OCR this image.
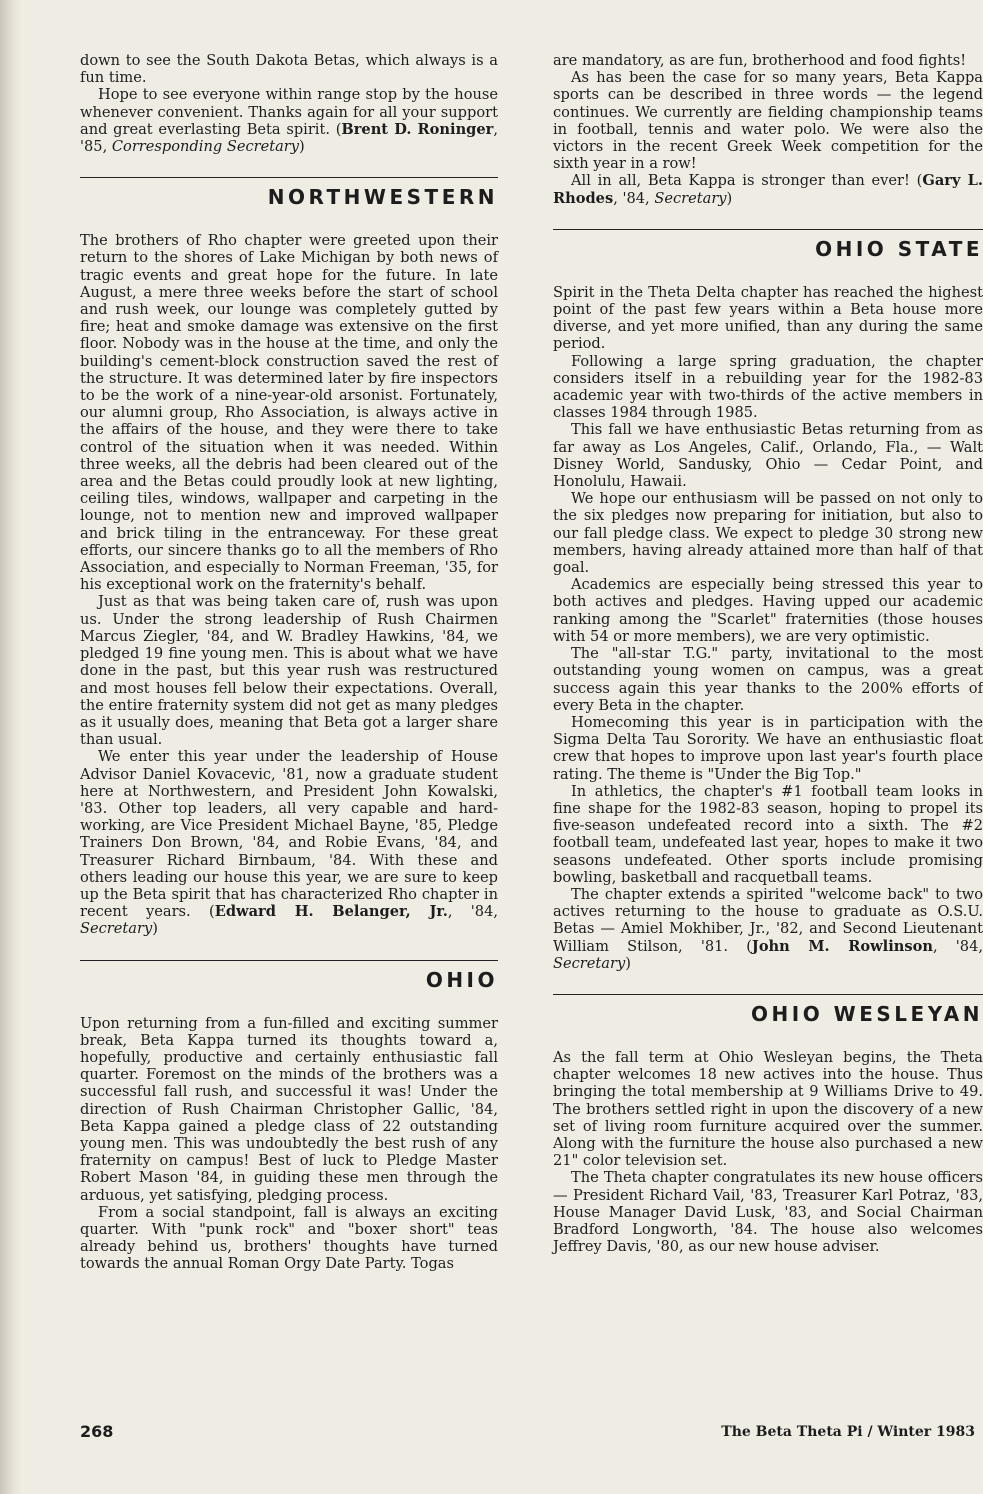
down to see the South Dakota Betas, which always is a fun time.

Hope to see everyone within range stop by the house whenever convenient. Thanks again for all your support and great everlasting Beta spirit. (Brent D. Roninger, '85, Corresponding Secretary)

NORTHWESTERN

The brothers of Rho chapter were greeted upon their return to the shores of Lake Michigan by both news of tragic events and great hope for the future. In late August, a mere three weeks before the start of school and rush week, our lounge was completely gutted by fire; heat and smoke damage was extensive on the first floor. Nobody was in the house at the time, and only the building's cement-block construction saved the rest of the structure. It was determined later by fire inspectors to be the work of a nine-year-old arsonist. Fortunately, our alumni group, Rho Association, is always active in the affairs of the house, and they were there to take control of the situation when it was needed. Within three weeks, all the debris had been cleared out of the area and the Betas could proudly look at new lighting, ceiling tiles, windows, wallpaper and carpeting in the lounge, not to mention new and improved wallpaper and brick tiling in the entranceway. For these great efforts, our sincere thanks go to all the members of Rho Association, and especially to Norman Freeman, '35, for his exceptional work on the fraternity's behalf.

Just as that was being taken care of, rush was upon us. Under the strong leadership of Rush Chairmen Marcus Ziegler, '84, and W. Bradley Hawkins, '84, we pledged 19 fine young men. This is about what we have done in the past, but this year rush was restructured and most houses fell below their expectations. Overall, the entire fraternity system did not get as many pledges as it usually does, meaning that Beta got a larger share than usual.

We enter this year under the leadership of House Advisor Daniel Kovacevic, '81, now a graduate student here at Northwestern, and President John Kowalski, '83. Other top leaders, all very capable and hard-working, are Vice President Michael Bayne, '85, Pledge Trainers Don Brown, '84, and Robie Evans, '84, and Treasurer Richard Birnbaum, '84. With these and others leading our house this year, we are sure to keep up the Beta spirit that has characterized Rho chapter in recent years. (Edward H. Belanger, Jr., '84, Secretary)

OHIO

Upon returning from a fun-filled and exciting summer break, Beta Kappa turned its thoughts toward a, hopefully, productive and certainly enthusiastic fall quarter. Foremost on the minds of the brothers was a successful fall rush, and successful it was! Under the direction of Rush Chairman Christopher Gallic, '84, Beta Kappa gained a pledge class of 22 outstanding young men. This was undoubtedly the best rush of any fraternity on campus! Best of luck to Pledge Master Robert Mason '84, in guiding these men through the arduous, yet satisfying, pledging process.

From a social standpoint, fall is always an exciting quarter. With "punk rock" and "boxer short" teas already behind us, brothers' thoughts have turned towards the annual Roman Orgy Date Party. Togas

are mandatory, as are fun, brotherhood and food fights!

As has been the case for so many years, Beta Kappa sports can be described in three words — the legend continues. We currently are fielding championship teams in football, tennis and water polo. We were also the victors in the recent Greek Week competition for the sixth year in a row!

All in all, Beta Kappa is stronger than ever! (Gary L. Rhodes, '84, Secretary)

OHIO STATE

Spirit in the Theta Delta chapter has reached the highest point of the past few years within a Beta house more diverse, and yet more unified, than any during the same period.

Following a large spring graduation, the chapter considers itself in a rebuilding year for the 1982-83 academic year with two-thirds of the active members in classes 1984 through 1985.

This fall we have enthusiastic Betas returning from as far away as Los Angeles, Calif., Orlando, Fla., — Walt Disney World, Sandusky, Ohio — Cedar Point, and Honolulu, Hawaii.

We hope our enthusiasm will be passed on not only to the six pledges now preparing for initiation, but also to our fall pledge class. We expect to pledge 30 strong new members, having already attained more than half of that goal.

Academics are especially being stressed this year to both actives and pledges. Having upped our academic ranking among the "Scarlet" fraternities (those houses with 54 or more members), we are very optimistic.

The "all-star T.G." party, invitational to the most outstanding young women on campus, was a great success again this year thanks to the 200% efforts of every Beta in the chapter.

Homecoming this year is in participation with the Sigma Delta Tau Sorority. We have an enthusiastic float crew that hopes to improve upon last year's fourth place rating. The theme is "Under the Big Top."

In athletics, the chapter's #1 football team looks in fine shape for the 1982-83 season, hoping to propel its five-season undefeated record into a sixth. The #2 football team, undefeated last year, hopes to make it two seasons undefeated. Other sports include promising bowling, basketball and racquetball teams.

The chapter extends a spirited "welcome back" to two actives returning to the house to graduate as O.S.U. Betas — Amiel Mokhiber, Jr., '82, and Second Lieutenant William Stilson, '81. (John M. Rowlinson, '84, Secretary)

OHIO WESLEYAN

As the fall term at Ohio Wesleyan begins, the Theta chapter welcomes 18 new actives into the house. Thus bringing the total membership at 9 Williams Drive to 49. The brothers settled right in upon the discovery of a new set of living room furniture acquired over the summer. Along with the furniture the house also purchased a new 21" color television set.

The Theta chapter congratulates its new house officers — President Richard Vail, '83, Treasurer Karl Potraz, '83, House Manager David Lusk, '83, and Social Chairman Bradford Longworth, '84. The house also welcomes Jeffrey Davis, '80, as our new house adviser.

268	The Beta Theta Pi / Winter 1983
